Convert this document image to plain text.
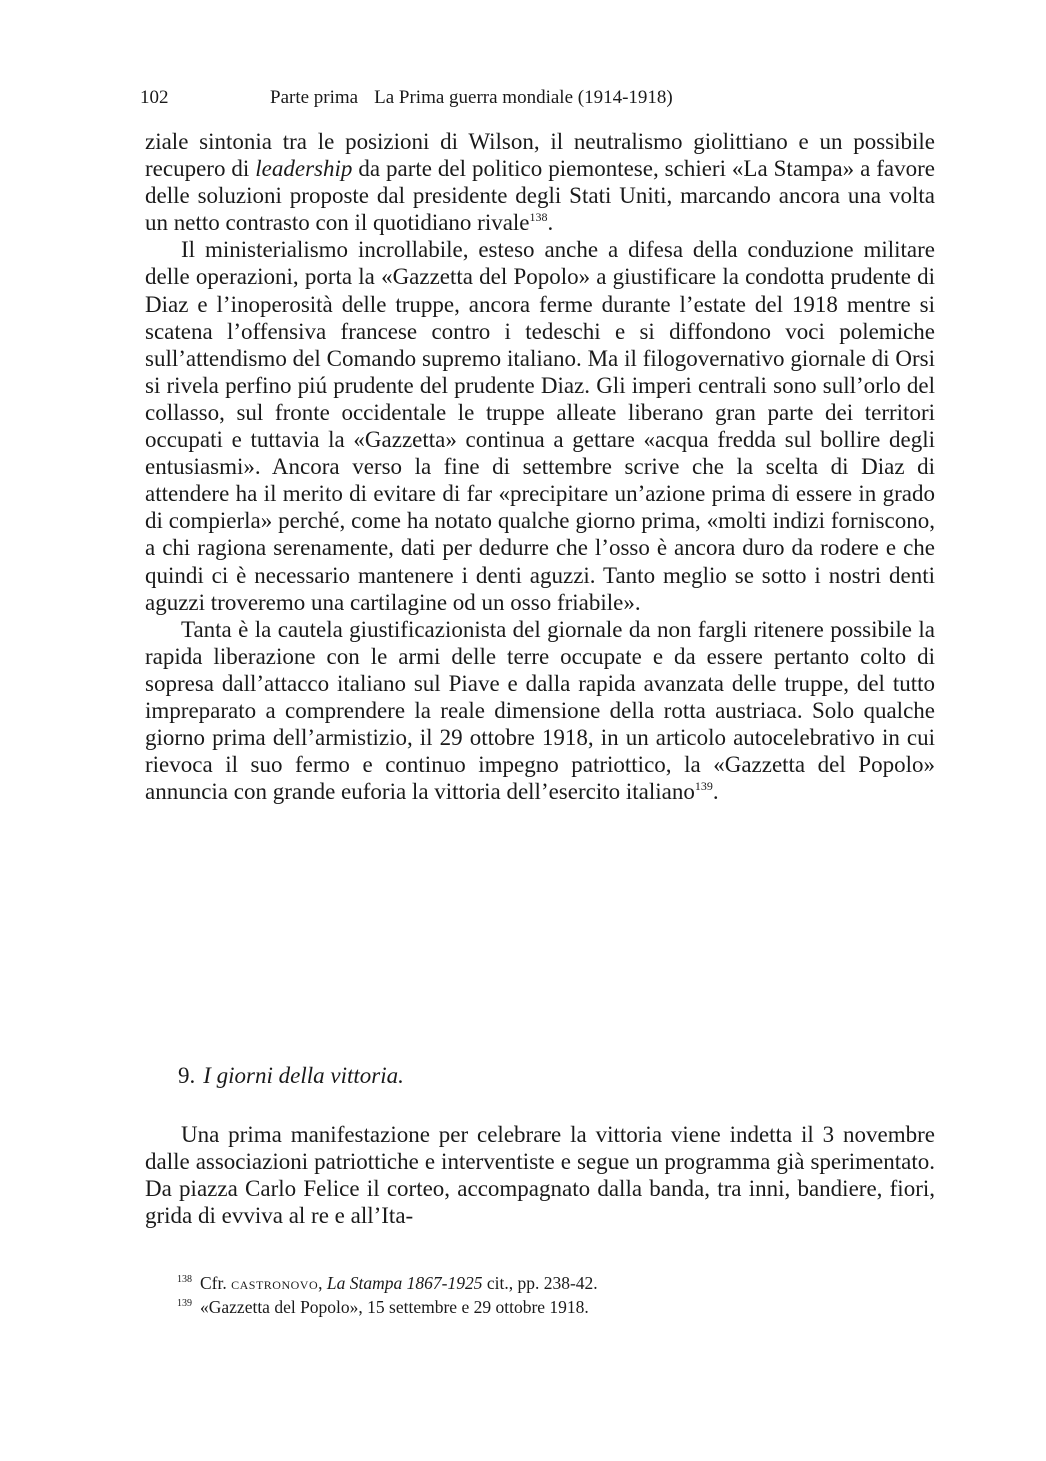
102	Parte prima La Prima guerra mondiale (1914-1918)

ziale sintonia tra le posizioni di Wilson, il neutralismo giolittiano e un possibile recupero di leadership da parte del politico piemontese, schieri «La Stampa» a favore delle soluzioni proposte dal presidente degli Stati Uniti, marcando ancora una volta un netto contrasto con il quotidiano rivale$^{138}$.

Il ministerialismo incrollabile, esteso anche a difesa della conduzione militare delle operazioni, porta la «Gazzetta del Popolo» a giustificare la condotta prudente di Diaz e l’inoperosità delle truppe, ancora ferme durante l’estate del 1918 mentre si scatena l’offensiva francese contro i tedeschi e si diffondono voci polemiche sull’attendismo del Comando supremo italiano. Ma il filogovernativo giornale di Orsi si rivela perfino piú prudente del prudente Diaz. Gli imperi centrali sono sull’orlo del collasso, sul fronte occidentale le truppe alleate liberano gran parte dei territori occupati e tuttavia la «Gazzetta» continua a gettare «acqua fredda sul bollire degli entusiasmi». Ancora verso la fine di settembre scrive che la scelta di Diaz di attendere ha il merito di evitare di far «precipitare un’azione prima di essere in grado di compierla» perché, come ha notato qualche giorno prima, «molti indizi forniscono, a chi ragiona serenamente, dati per dedurre che l’osso è ancora duro da rodere e che quindi ci è necessario mantenere i denti aguzzi. Tanto meglio se sotto i nostri denti aguzzi troveremo una cartilagine od un osso friabile».

Tanta è la cautela giustificazionista del giornale da non fargli ritenere possibile la rapida liberazione con le armi delle terre occupate e da essere pertanto colto di sopresa dall’attacco italiano sul Piave e dalla rapida avanzata delle truppe, del tutto impreparato a comprendere la reale dimensione della rotta austriaca. Solo qualche giorno prima dell’armistizio, il 29 ottobre 1918, in un articolo autocelebrativo in cui rievoca il suo fermo e continuo impegno patriottico, la «Gazzetta del Popolo» annuncia con grande euforia la vittoria dell’esercito italiano$^{139}$.

9. I giorni della vittoria.

Una prima manifestazione per celebrare la vittoria viene indetta il 3 novembre dalle associazioni patriottiche e interventiste e segue un programma già sperimentato. Da piazza Carlo Felice il corteo, accompagnato dalla banda, tra inni, bandiere, fiori, grida di evviva al re e all’Ita-

$^{138}$ Cfr. castronovo, La Stampa 1867-1925 cit., pp. 238-42.
$^{139}$ «Gazzetta del Popolo», 15 settembre e 29 ottobre 1918.
